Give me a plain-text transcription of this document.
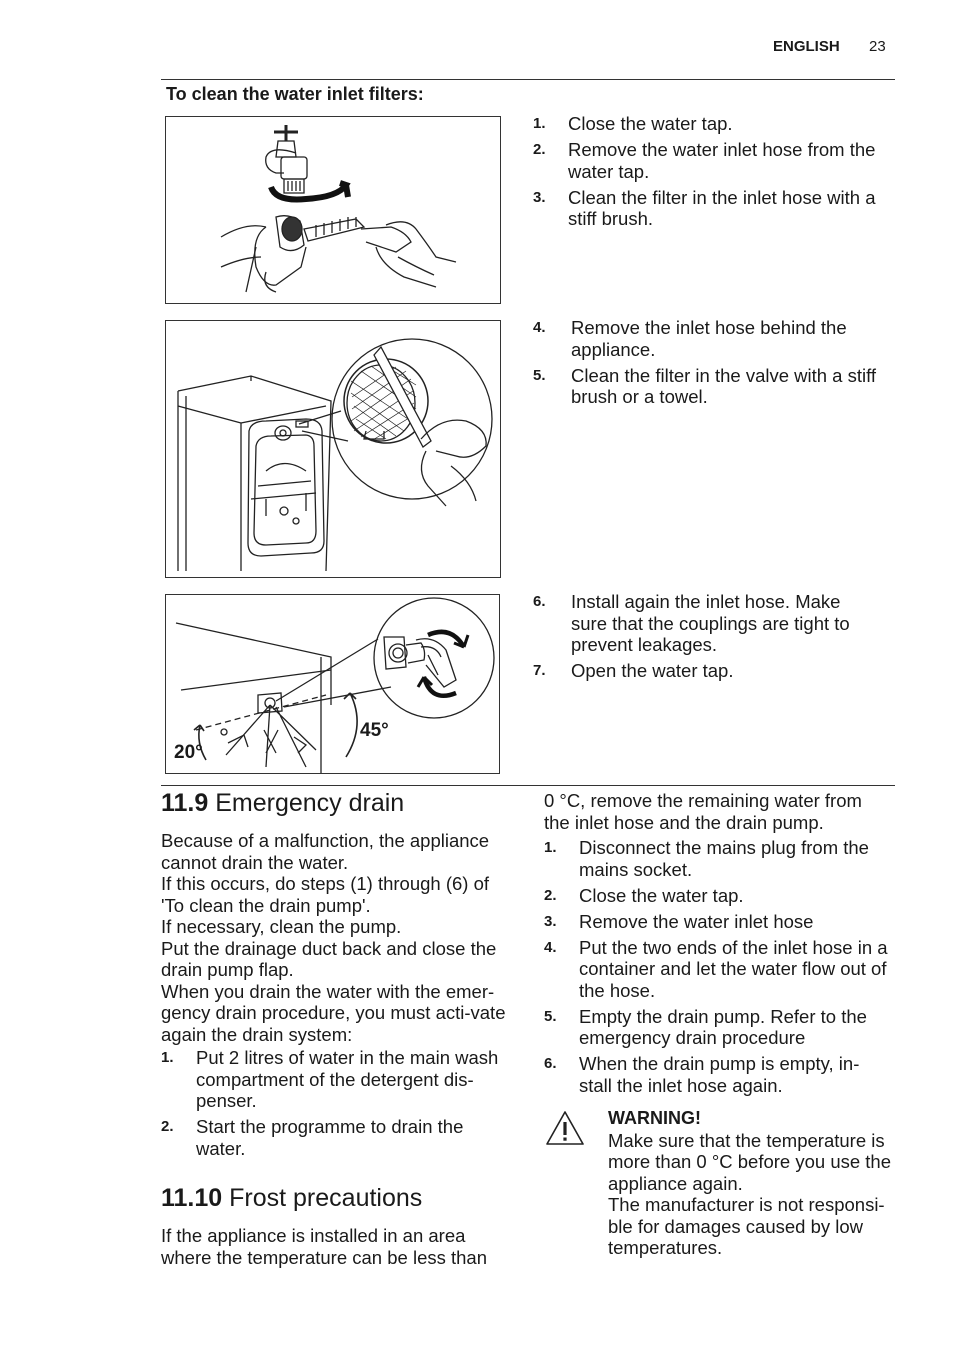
ENGLISH 23
To clean the water inlet filters:
1. Close the water tap.
2. Remove the water inlet hose from the water tap.
3. Clean the filter in the inlet hose with a stiff brush.
4. Remove the inlet hose behind the appliance.
5. Clean the filter in the valve with a stiff brush or a towel.
20°
45°
6. Install again the inlet hose. Make sure that the couplings are tight to prevent leakages.
7. Open the water tap.
11.9 Emergency drain

Because of a malfunction, the appliance cannot drain the water.

If this occurs, do steps (1) through (6) of 'To clean the drain pump'.

If necessary, clean the pump.

Put the drainage duct back and close the drain pump flap.

When you drain the water with the emer-gency drain procedure, you must acti-vate again the drain system:

1. Put 2 litres of water in the main wash compartment of the detergent dis-penser.
2. Start the programme to drain the water.
11.10 Frost precautions
If the appliance is installed in an area where the temperature can be less than
0 °C, remove the remaining water from the inlet hose and the drain pump.
1. Disconnect the mains plug from the mains socket.
2. Close the water tap.
3. Remove the water inlet hose
4. Put the two ends of the inlet hose in a container and let the water flow out of the hose.
5. Empty the drain pump. Refer to the emergency drain procedure
6. When the drain pump is empty, in-stall the inlet hose again.

WARNING!

Make sure that the temperature is more than 0 °C before you use the appliance again.

The manufacturer is not responsi-ble for damages caused by low temperatures.
